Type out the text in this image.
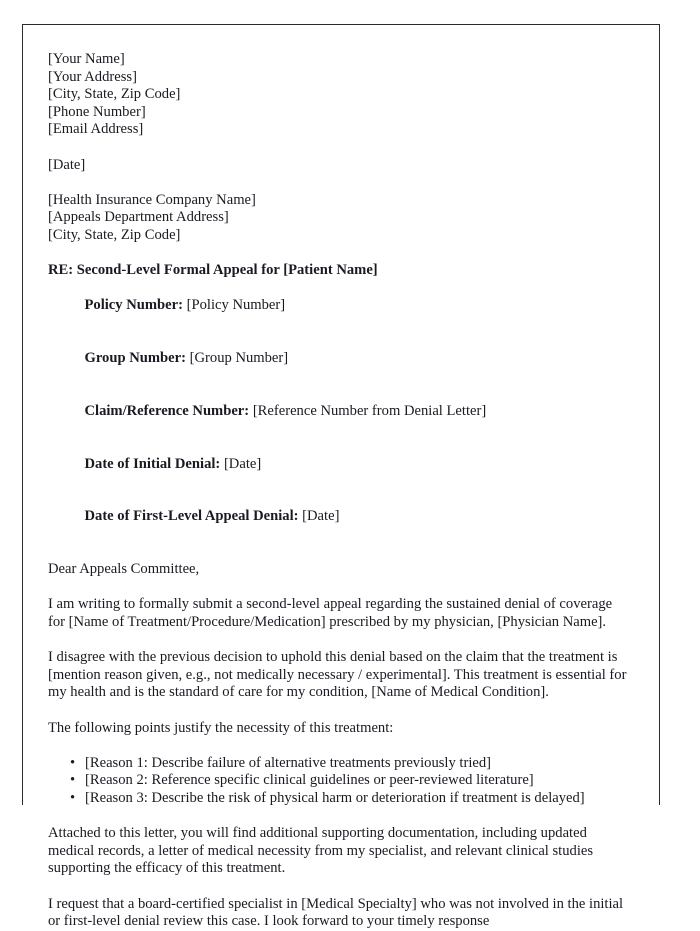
[Your Name]
[Your Address]
[City, State, Zip Code]
[Phone Number]
[Email Address]
[Date]
[Health Insurance Company Name]
[Appeals Department Address]
[City, State, Zip Code]
RE: Second-Level Formal Appeal for [Patient Name]

Policy Number: [Policy Number]

Group Number: [Group Number]

Claim/Reference Number: [Reference Number from Denial Letter]

Date of Initial Denial: [Date]

Date of First-Level Appeal Denial: [Date]

Dear Appeals Committee,

I am writing to formally submit a second-level appeal regarding the sustained denial of coverage for [Name of Treatment/Procedure/Medication] prescribed by my physician, [Physician Name].

I disagree with the previous decision to uphold this denial based on the claim that the treatment is [mention reason given, e.g., not medically necessary / experimental]. This treatment is essential for my health and is the standard of care for my condition, [Name of Medical Condition].

The following points justify the necessity of this treatment:

• [Reason 1: Describe failure of alternative treatments previously tried]
• [Reason 2: Reference specific clinical guidelines or peer-reviewed literature]
• [Reason 3: Describe the risk of physical harm or deterioration if treatment is delayed]

Attached to this letter, you will find additional supporting documentation, including updated medical records, a letter of medical necessity from my specialist, and relevant clinical studies supporting the efficacy of this treatment.

I request that a board-certified specialist in [Medical Specialty] who was not involved in the initial or first-level denial review this case. I look forward to your timely response
